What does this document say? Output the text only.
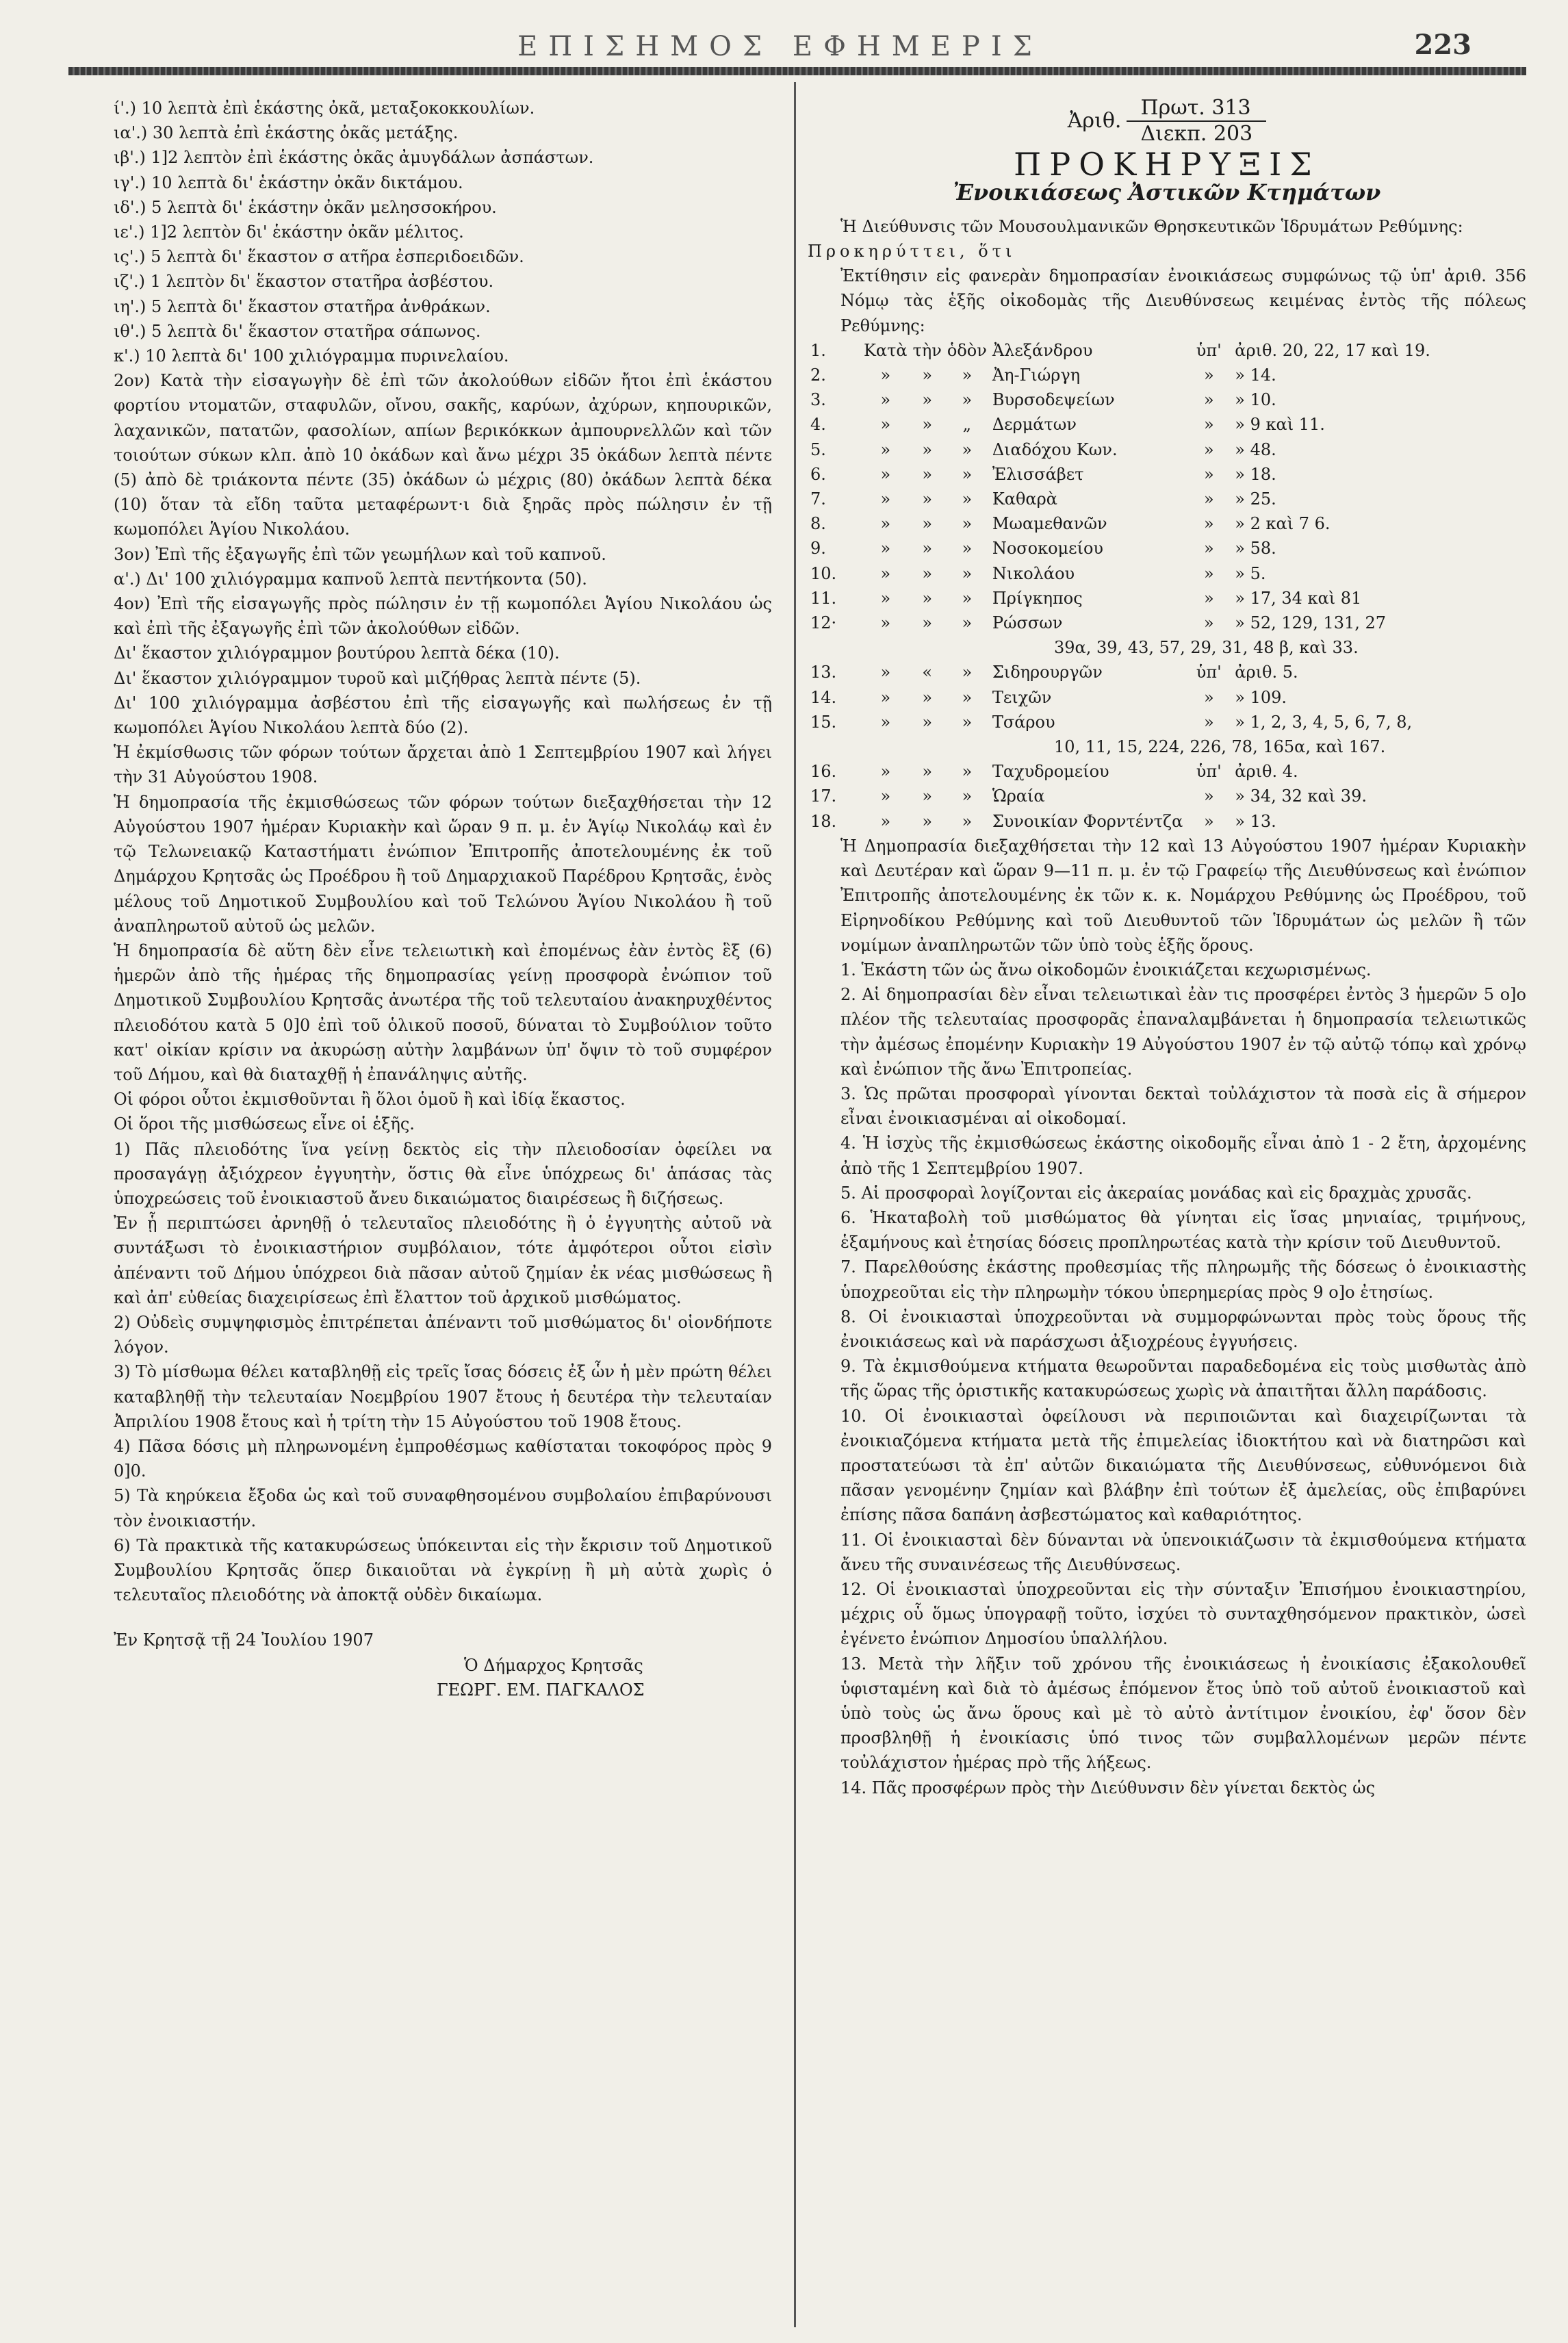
ΕΠΙΣΗΜΟΣ ΕΦΗΜΕΡΙΣ	223

ί'.) 10 λεπτὰ ἐπὶ ἑκάστης ὀκᾶ, μεταξοκοκκουλίων.

ια'.) 30 λεπτὰ ἐπὶ ἑκάστης ὀκᾶς μετάξης.

ιβ'.) 1]2 λεπτὸν ἐπὶ ἑκάστης ὀκᾶς ἀμυγδάλων ἀσπάστων.

ιγ'.) 10 λεπτὰ δι' ἑκάστην ὀκᾶν δικτάμου.

ιδ'.) 5 λεπτὰ δι' ἑκάστην ὀκᾶν μελησσοκήρου.

ιε'.) 1]2 λεπτὸν δι' ἑκάστην ὀκᾶν μέλιτος.

ις'.) 5 λεπτὰ δι' ἕκαστον σ ατῆρα ἐσπεριδοειδῶν.

ιζ'.) 1 λεπτὸν δι' ἕκαστον στατῆρα ἀσβέστου.

ιη'.) 5 λεπτὰ δι' ἕκαστον στατῆρα ἀνθράκων.

ιθ'.) 5 λεπτὰ δι' ἕκαστον στατῆρα σάπωνος.

κ'.) 10 λεπτὰ δι' 100 χιλιόγραμμα πυρινελαίου.

2ον) Κατὰ τὴν εἰσαγωγὴν δὲ ἐπὶ τῶν ἀκολούθων εἰδῶν ἤτοι ἐπὶ ἑκάστου φορτίου ντοματῶν, σταφυλῶν, οἴνου, σακῆς, καρύων, ἀχύρων, κηπουρικῶν, λαχανικῶν, πατατῶν, φασολίων, απίων βερικόκκων ἀμπουρνελλῶν καὶ τῶν τοιούτων σύκων κλπ. ἀπὸ 10 ὀκάδων καὶ ἄνω μέχρι 35 ὀκάδων λεπτὰ πέντε (5) ἀπὸ δὲ τριάκοντα πέντε (35) ὀκάδων ὡ μέχρις (80) ὀκάδων λεπτὰ δέκα (10) ὅταν τὰ εἴδη ταῦτα μεταφέρωντ·ι διὰ ξηρᾶς πρὸς πώλησιν ἐν τῇ κωμοπόλει Ἁγίου Νικολάου.

3ον) Ἐπὶ τῆς ἐξαγωγῆς ἐπὶ τῶν γεωμήλων καὶ τοῦ καπνοῦ.

α'.) Δι' 100 χιλιόγραμμα καπνοῦ λεπτὰ πεντήκοντα (50).

4ον) Ἐπὶ τῆς εἰσαγωγῆς πρὸς πώλησιν ἐν τῇ κωμοπόλει Ἁγίου Νικολάου ὡς καὶ ἐπὶ τῆς ἐξαγωγῆς ἐπὶ τῶν ἀκολούθων εἰδῶν.

Δι' ἕκαστον χιλιόγραμμον βουτύρου λεπτὰ δέκα (10).

Δι' ἕκαστον χιλιόγραμμον τυροῦ καὶ μιζήθρας λεπτὰ πέντε (5).

Δι' 100 χιλιόγραμμα ἀσβέστου ἐπὶ τῆς εἰσαγωγῆς καὶ πωλήσεως ἐν τῇ κωμοπόλει Ἁγίου Νικολάου λεπτὰ δύο (2).

Ἡ ἐκμίσθωσις τῶν φόρων τούτων ἄρχεται ἀπὸ 1 Σεπτεμβρίου 1907 καὶ λήγει τὴν 31 Αὐγούστου 1908.

Ἡ δημοπρασία τῆς ἐκμισθώσεως τῶν φόρων τούτων διεξαχθήσεται τὴν 12 Αὐγούστου 1907 ἡμέραν Κυριακὴν καὶ ὥραν 9 π. μ. ἐν Ἁγίῳ Νικολάῳ καὶ ἐν τῷ Τελωνειακῷ Καταστήματι ἐνώπιον Ἐπιτροπῆς ἀποτελουμένης ἐκ τοῦ Δημάρχου Κρητσᾶς ὡς Προέδρου ἢ τοῦ Δημαρχιακοῦ Παρέδρου Κρητσᾶς, ἑνὸς μέλους τοῦ Δημοτικοῦ Συμβουλίου καὶ τοῦ Τελώνου Ἁγίου Νικολάου ἢ τοῦ ἀναπληρωτοῦ αὐτοῦ ὡς μελῶν.

Ἡ δημοπρασία δὲ αὕτη δὲν εἶνε τελειωτικὴ καὶ ἐπομένως ἐὰν ἐντὸς ἓξ (6) ἡμερῶν ἀπὸ τῆς ἡμέρας τῆς δημοπρασίας γείνῃ προσφορὰ ἐνώπιον τοῦ Δημοτικοῦ Συμβουλίου Κρητσᾶς ἀνωτέρα τῆς τοῦ τελευταίου ἀνακηρυχθέντος πλειοδότου κατὰ 5 0]0 ἐπὶ τοῦ ὁλικοῦ ποσοῦ, δύναται τὸ Συμβούλιον τοῦτο κατ' οἰκίαν κρίσιν να ἀκυρώσῃ αὐτὴν λαμβάνων ὑπ' ὄψιν τὸ τοῦ συμφέρον τοῦ Δήμου, καὶ θὰ διαταχθῇ ἡ ἐπανάληψις αὐτῆς.

Οἱ φόροι οὗτοι ἐκμισθοῦνται ἢ ὅλοι ὁμοῦ ἢ καὶ ἰδίᾳ ἕκαστος.

Οἱ ὅροι τῆς μισθώσεως εἶνε οἱ ἑξῆς.

1) Πᾶς πλειοδότης ἵνα γείνῃ δεκτὸς εἰς τὴν πλειοδοσίαν ὀφείλει να προσαγάγῃ ἀξιόχρεον ἐγγυητὴν, ὅστις θὰ εἶνε ὑπόχρεως δι' ἁπάσας τὰς ὑποχρεώσεις τοῦ ἐνοικιαστοῦ ἄνευ δικαιώματος διαιρέσεως ἢ διζήσεως.

Ἐν ᾗ περιπτώσει ἀρνηθῇ ὁ τελευταῖος πλειοδότης ἢ ὁ ἐγγυητὴς αὐτοῦ νὰ συντάξωσι τὸ ἐνοικιαστήριον συμβόλαιον, τότε ἀμφότεροι οὗτοι εἰσὶν ἀπέναντι τοῦ Δήμου ὑπόχρεοι διὰ πᾶσαν αὐτοῦ ζημίαν ἐκ νέας μισθώσεως ἢ καὶ ἀπ' εὐθείας διαχειρίσεως ἐπὶ ἔλαττον τοῦ ἀρχικοῦ μισθώματος.

2) Οὐδεὶς συμψηφισμὸς ἐπιτρέπεται ἀπέναντι τοῦ μισθώματος δι' οἱονδήποτε λόγον.

3) Τὸ μίσθωμα θέλει καταβληθῇ εἰς τρεῖς ἴσας δόσεις ἐξ ὧν ἡ μὲν πρώτη θέλει καταβληθῇ τὴν τελευταίαν Νοεμβρίου 1907 ἔτους ἡ δευτέρα τὴν τελευταίαν Ἀπριλίου 1908 ἔτους καὶ ἡ τρίτη τὴν 15 Αὐγούστου τοῦ 1908 ἔτους.

4) Πᾶσα δόσις μὴ πληρωνομένη ἐμπροθέσμως καθίσταται τοκοφόρος πρὸς 9 0]0.

5) Τὰ κηρύκεια ἔξοδα ὡς καὶ τοῦ συναφθησομένου συμβολαίου ἐπιβαρύνουσι τὸν ἐνοικιαστήν.

6) Τὰ πρακτικὰ τῆς κατακυρώσεως ὑπόκεινται εἰς τὴν ἔκρισιν τοῦ Δημοτικοῦ Συμβουλίου Κρητσᾶς ὅπερ δικαιοῦται νὰ ἐγκρίνῃ ἢ μὴ αὐτὰ χωρὶς ὁ τελευταῖος πλειοδότης νὰ ἀποκτᾷ οὐδὲν δικαίωμα.

Ἐν Κρητσᾷ τῇ 24 Ἰουλίου 1907

Ὁ Δήμαρχος Κρητσᾶς

ΓΕΩΡΓ. ΕΜ. ΠΑΓΚΑΛΟΣ

Ἀριθ. $\frac{\text{Πρωτ. 313}}{\text{Διεκπ. 203}}$
ΠΡΟΚΗΡΥΞΙΣ
Ἐνοικιάσεως Ἀστικῶν Κτημάτων

Ἡ Διεύθυνσις τῶν Μουσουλμανικῶν Θρησκευτικῶν Ἱδρυμάτων Ρεθύμνης:

Προκηρύττει, ὅτι

Ἐκτίθησιν εἰς φανερὰν δημοπρασίαν ἐνοικιάσεως συμφώνως τῷ ὑπ' ἀριθ. 356 Νόμῳ τὰς ἑξῆς οἰκοδομὰς τῆς Διευθύνσεως κειμένας ἐντὸς τῆς πόλεως Ρεθύμνης:

1.	Κατὰ	τὴν	ὁδὸν	Ἀλεξάνδρου	ὑπ'	ἀριθ. 20, 22, 17 καὶ 19.
2.	»	»	»	Ἀη-Γιώργη	»	» 14.
3.	»	»	»	Βυρσοδεψείων	»	» 10.
4.	»	»	„	Δερμάτων	»	» 9 καὶ 11.
5.	»	»	»	Διαδόχου Κων.	»	» 48.
6.	»	»	»	Ἐλισσάβετ	»	» 18.
7.	»	»	»	Καθαρὰ	»	» 25.
8.	»	»	»	Μωαμεθανῶν	»	» 2 καὶ 7 6.
9.	»	»	»	Νοσοκομείου	»	» 58.
10.	»	»	»	Νικολάου	»	» 5.
11.	»	»	»	Πρίγκηπος	»	» 17, 34 καὶ 81
12·	»	»	»	Ρώσσων	»	» 52, 129, 131, 27
39α, 39, 43, 57, 29, 31, 48 β, καὶ 33.						
13.	»	«	»	Σιδηρουργῶν	ὑπ'	ἀριθ. 5.
14.	»	»	»	Τειχῶν	»	» 109.
15.	»	»	»	Τσάρου	»	» 1, 2, 3, 4, 5, 6, 7, 8,
10, 11, 15, 224, 226, 78, 165α, καὶ 167.						
16.	»	»	»	Ταχυδρομείου	ὑπ'	ἀριθ. 4.
17.	»	»	»	Ὡραία	»	» 34, 32 καὶ 39.
18.	»	»	»	Συνοικίαν Φορντέντζα	»	» 13.

Ἡ Δημοπρασία διεξαχθήσεται τὴν 12 καὶ 13 Αὐγούστου 1907 ἡμέραν Κυριακὴν καὶ Δευτέραν καὶ ὥραν 9—11 π. μ. ἐν τῷ Γραφείῳ τῆς Διευθύνσεως καὶ ἐνώπιον Ἐπιτροπῆς ἀποτελουμένης ἐκ τῶν κ. κ. Νομάρχου Ρεθύμνης ὡς Προέδρου, τοῦ Εἰρηνοδίκου Ρεθύμνης καὶ τοῦ Διευθυντοῦ τῶν Ἱδρυμάτων ὡς μελῶν ἢ τῶν νομίμων ἀναπληρωτῶν τῶν ὑπὸ τοὺς ἑξῆς ὅρους.

1. Ἑκάστη τῶν ὡς ἄνω οἰκοδομῶν ἐνοικιάζεται κεχωρισμένως.

2. Αἱ δημοπρασίαι δὲν εἶναι τελειωτικαὶ ἐὰν τις προσφέρει ἐντὸς 3 ἡμερῶν 5 ο]ο πλέον τῆς τελευταίας προσφορᾶς ἐπαναλαμβάνεται ἡ δημοπρασία τελειωτικῶς τὴν ἀμέσως ἐπομένην Κυριακὴν 19 Αὐγούστου 1907 ἐν τῷ αὐτῷ τόπῳ καὶ χρόνῳ καὶ ἐνώπιον τῆς ἄνω Ἐπιτροπείας.

3. Ὡς πρῶται προσφοραὶ γίνονται δεκταὶ τοὐλάχιστον τὰ ποσὰ εἰς ἃ σήμερον εἶναι ἐνοικιασμέναι αἱ οἰκοδομαί.

4. Ἡ ἰσχὺς τῆς ἐκμισθώσεως ἑκάστης οἰκοδομῆς εἶναι ἀπὸ 1 - 2 ἔτη, ἀρχομένης ἀπὸ τῆς 1 Σεπτεμβρίου 1907.

5. Αἱ προσφοραὶ λογίζονται εἰς ἀκεραίας μονάδας καὶ εἰς δραχμὰς χρυσᾶς.

6. Ἡκαταβολὴ τοῦ μισθώματος θὰ γίνηται εἰς ἴσας μηνιαίας, τριμήνους, ἑξαμήνους καὶ ἐτησίας δόσεις προπληρωτέας κατὰ τὴν κρίσιν τοῦ Διευθυντοῦ.

7. Παρελθούσης ἑκάστης προθεσμίας τῆς πληρωμῆς τῆς δόσεως ὁ ἐνοικιαστὴς ὑποχρεοῦται εἰς τὴν πληρωμὴν τόκου ὑπερημερίας πρὸς 9 ο]ο ἐτησίως.

8. Οἱ ἐνοικιασταὶ ὑποχρεοῦνται νὰ συμμορφώνωνται πρὸς τοὺς ὅρους τῆς ἐνοικιάσεως καὶ νὰ παράσχωσι ἀξιοχρέους ἐγγυήσεις.

9. Τὰ ἐκμισθούμενα κτήματα θεωροῦνται παραδεδομένα εἰς τοὺς μισθωτὰς ἀπὸ τῆς ὥρας τῆς ὁριστικῆς κατακυρώσεως χωρὶς νὰ ἀπαιτῆται ἄλλη παράδοσις.

10. Οἱ ἐνοικιασταὶ ὀφείλουσι νὰ περιποιῶνται καὶ διαχειρίζωνται τὰ ἐνοικιαζόμενα κτήματα μετὰ τῆς ἐπιμελείας ἰδιοκτήτου καὶ νὰ διατηρῶσι καὶ προστατεύωσι τὰ ἐπ' αὐτῶν δικαιώματα τῆς Διευθύνσεως, εὐθυνόμενοι διὰ πᾶσαν γενομένην ζημίαν καὶ βλάβην ἐπὶ τούτων ἐξ ἀμελείας, οὓς ἐπιβαρύνει ἐπίσης πᾶσα δαπάνη ἀσβεστώματος καὶ καθαριότητος.

11. Οἱ ἐνοικιασταὶ δὲν δύνανται νὰ ὑπενοικιάζωσιν τὰ ἐκμισθούμενα κτήματα ἄνευ τῆς συναινέσεως τῆς Διευθύνσεως.

12. Οἱ ἐνοικιασταὶ ὑποχρεοῦνται εἰς τὴν σύνταξιν Ἐπισήμου ἐνοικιαστηρίου, μέχρις οὗ ὅμως ὑπογραφῇ τοῦτο, ἰσχύει τὸ συνταχθησόμενον πρακτικὸν, ὡσεὶ ἐγένετο ἐνώπιον Δημοσίου ὑπαλλήλου.

13. Μετὰ τὴν λῆξιν τοῦ χρόνου τῆς ἐνοικιάσεως ἡ ἐνοικίασις ἐξακολουθεῖ ὑφισταμένη καὶ διὰ τὸ ἀμέσως ἐπόμενον ἔτος ὑπὸ τοῦ αὐτοῦ ἐνοικιαστοῦ καὶ ὑπὸ τοὺς ὡς ἄνω ὅρους καὶ μὲ τὸ αὐτὸ ἀντίτιμον ἐνοικίου, ἐφ' ὅσον δὲν προσβληθῇ ἡ ἐνοικίασις ὑπό τινος τῶν συμβαλλομένων μερῶν πέντε τοὐλάχιστον ἡμέρας πρὸ τῆς λήξεως.

14. Πᾶς προσφέρων πρὸς τὴν Διεύθυνσιν δὲν γίνεται δεκτὸς ὡς
